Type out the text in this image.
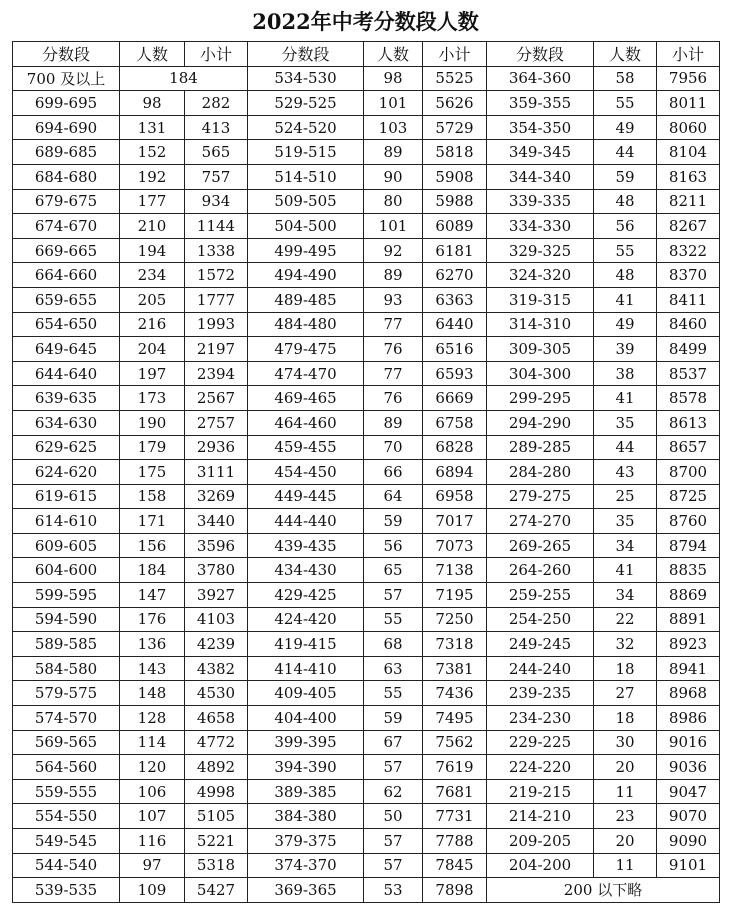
2022年中考分数段人数
分数段	人数	小计	分数段	人数	小计	分数段	人数	小计
700 及以上	184		534-530	98	5525	364-360	58	7956
699-695	98	282	529-525	101	5626	359-355	55	8011
694-690	131	413	524-520	103	5729	354-350	49	8060
689-685	152	565	519-515	89	5818	349-345	44	8104
684-680	192	757	514-510	90	5908	344-340	59	8163
679-675	177	934	509-505	80	5988	339-335	48	8211
674-670	210	1144	504-500	101	6089	334-330	56	8267
669-665	194	1338	499-495	92	6181	329-325	55	8322
664-660	234	1572	494-490	89	6270	324-320	48	8370
659-655	205	1777	489-485	93	6363	319-315	41	8411
654-650	216	1993	484-480	77	6440	314-310	49	8460
649-645	204	2197	479-475	76	6516	309-305	39	8499
644-640	197	2394	474-470	77	6593	304-300	38	8537
639-635	173	2567	469-465	76	6669	299-295	41	8578
634-630	190	2757	464-460	89	6758	294-290	35	8613
629-625	179	2936	459-455	70	6828	289-285	44	8657
624-620	175	3111	454-450	66	6894	284-280	43	8700
619-615	158	3269	449-445	64	6958	279-275	25	8725
614-610	171	3440	444-440	59	7017	274-270	35	8760
609-605	156	3596	439-435	56	7073	269-265	34	8794
604-600	184	3780	434-430	65	7138	264-260	41	8835
599-595	147	3927	429-425	57	7195	259-255	34	8869
594-590	176	4103	424-420	55	7250	254-250	22	8891
589-585	136	4239	419-415	68	7318	249-245	32	8923
584-580	143	4382	414-410	63	7381	244-240	18	8941
579-575	148	4530	409-405	55	7436	239-235	27	8968
574-570	128	4658	404-400	59	7495	234-230	18	8986
569-565	114	4772	399-395	67	7562	229-225	30	9016
564-560	120	4892	394-390	57	7619	224-220	20	9036
559-555	106	4998	389-385	62	7681	219-215	11	9047
554-550	107	5105	384-380	50	7731	214-210	23	9070
549-545	116	5221	379-375	57	7788	209-205	20	9090
544-540	97	5318	374-370	57	7845	204-200	11	9101
539-535	109	5427	369-365	53	7898	200 以下略		
